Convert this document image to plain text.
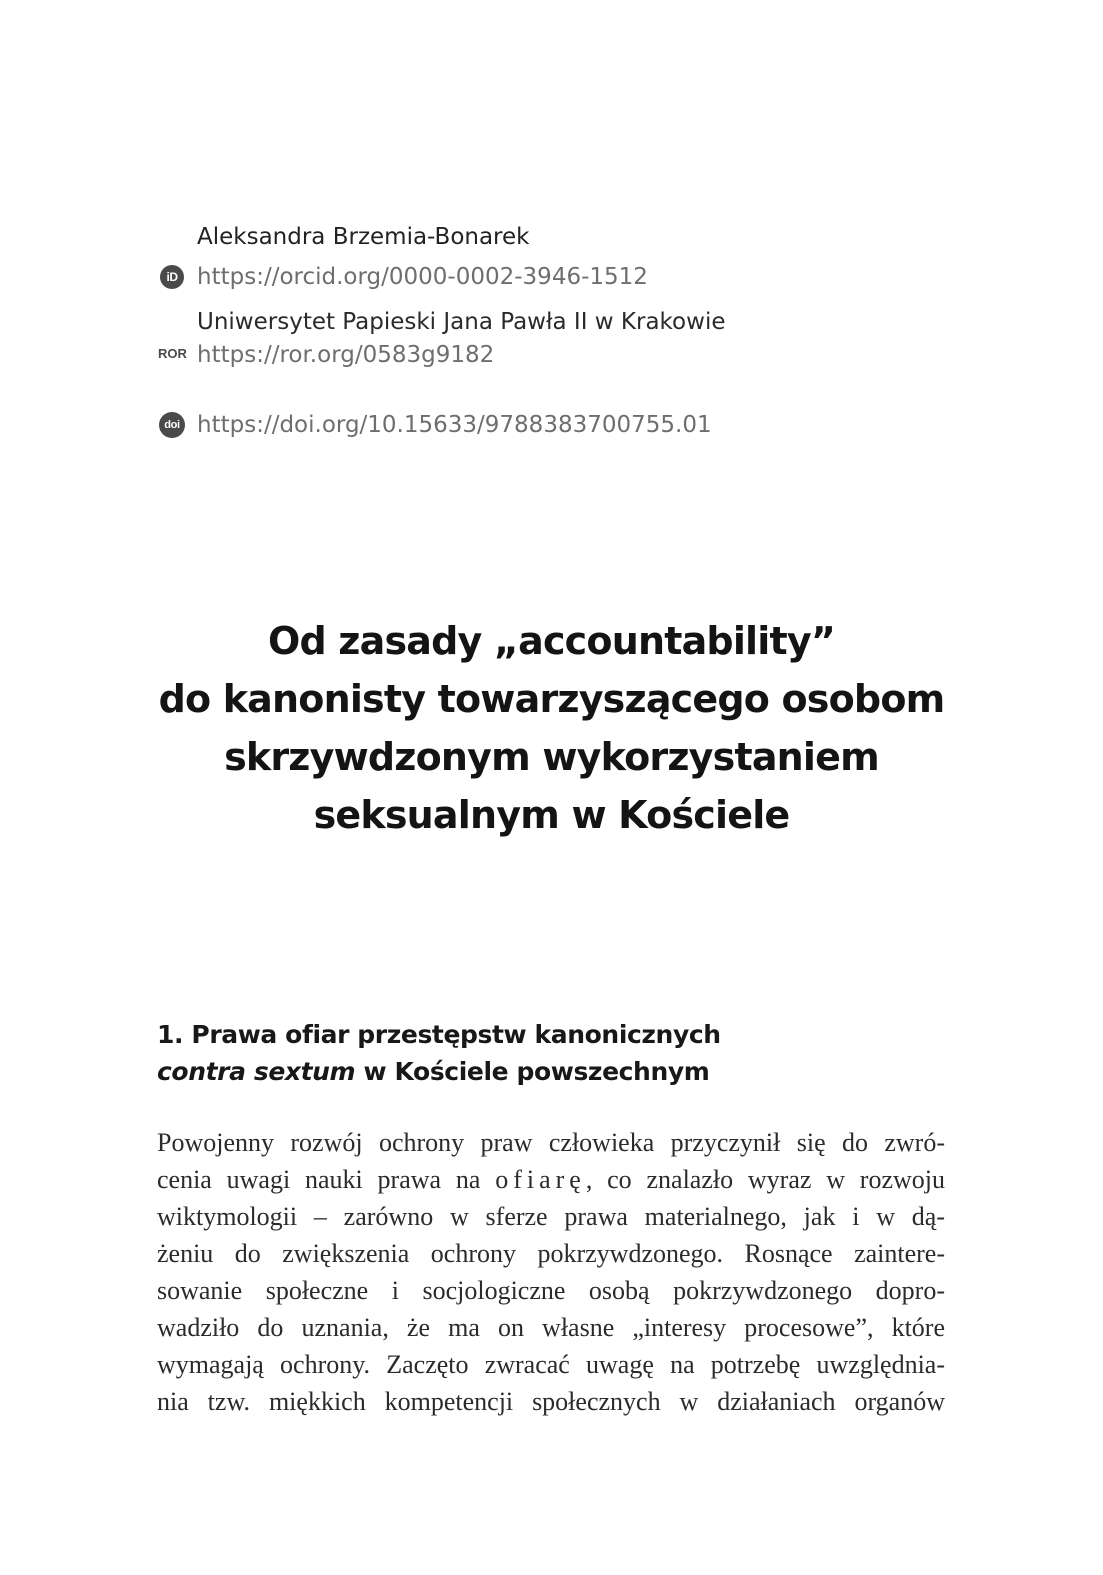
Aleksandra Brzemia-Bonarek
iD https://orcid.org/0000-0002-3946-1512
Uniwersytet Papieski Jana Pawła II w Krakowie
ROR https://ror.org/0583g9182
doi https://doi.org/10.15633/9788383700755.01
Od zasady „accountability”
do kanonisty towarzyszącego osobom
skrzywdzonym wykorzystaniem
seksualnym w Kościele
1. Prawa ofiar przestępstw kanonicznych
contra sextum w Kościele powszechnym
Powojenny rozwój ochrony praw człowieka przyczynił się do zwró-
cenia uwagi nauki prawa na ofiarę, co znalazło wyraz w rozwoju
wiktymologii – zarówno w sferze prawa materialnego, jak i w dą-
żeniu do zwiększenia ochrony pokrzywdzonego. Rosnące zaintere-
sowanie społeczne i socjologiczne osobą pokrzywdzonego dopro-
wadziło do uznania, że ma on własne „interesy procesowe”, które
wymagają ochrony. Zaczęto zwracać uwagę na potrzebę uwzględnia-
nia tzw. miękkich kompetencji społecznych w działaniach organów
